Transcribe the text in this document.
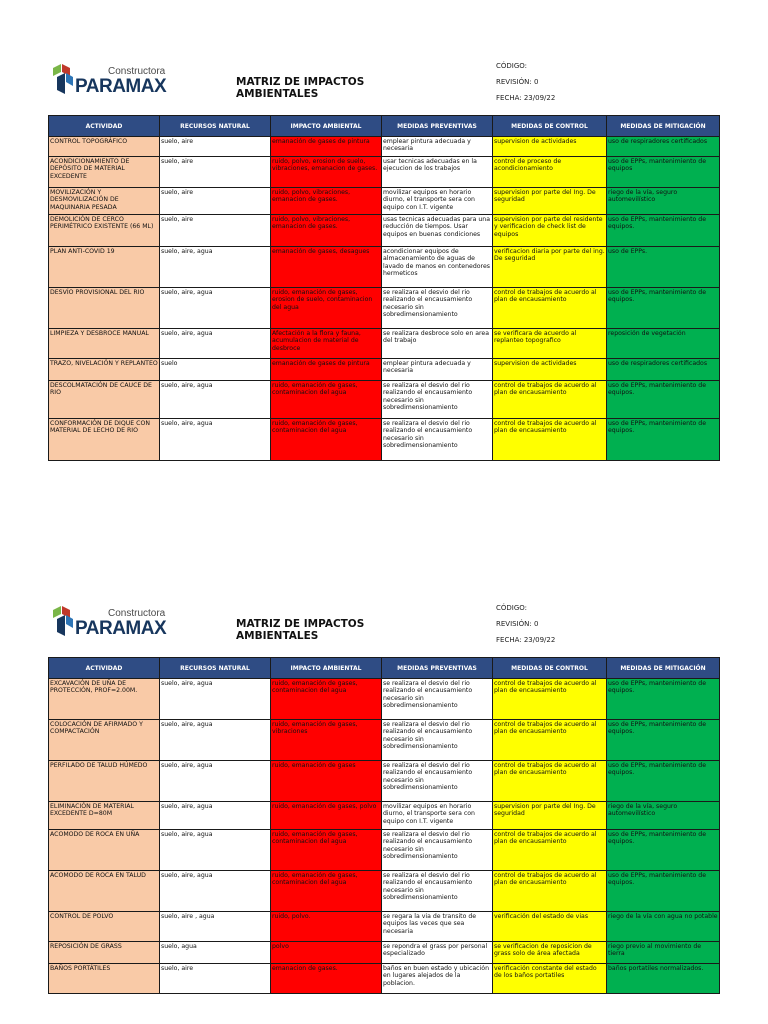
Constructora
PARAMAX	MATRIZ DE IMPACTOS AMBIENTALES
CÓDIGO:
REVISIÓN: 0
FECHA: 23/09/22
ACTIVIDAD	RECURSOS NATURAL	IMPACTO AMBIENTAL	MEDIDAS PREVENTIVAS	MEDIDAS DE CONTROL	MEDIDAS DE MITIGACIÓN
CONTROL TOPOGRÁFICO	suelo, aire	emanación de gases de pintura	emplear pintura adecuada y necesaria	supervision de actividades	uso de respiradores certificados
ACONDICIONAMIENTO DE DEPÓSITO DE MATERIAL EXCEDENTE	suelo, aire	ruido, polvo, erosion de suelo, vibraciones, emanacion de gases.	usar tecnicas adecuadas en la ejecucion de los trabajos	control de proceso de acondicionamiento	uso de EPPs, mantenimiento de equipos
MOVILIZACIÓN Y DESMOVILIZACIÓN DE MAQUINARIA PESADA	suelo, aire	ruido, polvo, vibraciones, emanacion de gases.	movilizar equipos en horario diurno, el transporte sera con equipo con I.T. vigente	supervision por parte del Ing. De seguridad	riego de la vía, seguro automevilístico
DEMOLICIÓN DE CERCO PERIMÉTRICO EXISTENTE (66 ML)	suelo, aire	ruido, polvo, vibraciones, emanacion de gases.	usas tecnicas adecuadas para una reducción de tiempos. Usar equipos en buenas condiciones	supervision por parte del residente y verificacion de check list de equipos	uso de EPPs, mantenimiento de equipos.
PLAN ANTI-COVID 19	suelo, aire, agua	emanación de gases, desagues	acondicionar equipos de almacenamiento de aguas de lavado de manos en contenedores hermeticos	verificacion diaria por parte del ing. De seguridad	uso de EPPs.
DESVÍO PROVISIONAL DEL RIO	suelo, aire, agua	ruido, emanación de gases, erosion de suelo, contaminacion del agua	se realizara el desvio del rio realizando el encausamiento necesario sin sobredimensionamiento	control de trabajos de acuerdo al plan de encausamiento	uso de EPPs, mantenimiento de equipos.
LIMPIEZA Y DESBROCE MANUAL	suelo, aire, agua	Afectación a la flora y fauna, acumulacion de material de desbroce	se realizara desbroce solo en area del trabajo	se verificara de acuerdo al replanteo topografico	reposición de vegetación
TRAZO, NIVELACIÓN Y REPLANTEO	suelo	emanación de gases de pintura	emplear pintura adecuada y necesaria	supervision de actividades	uso de respiradores certificados
DESCOLMATACIÓN DE CAUCE DE RIO	suelo, aire, agua	ruido, emanación de gases, contaminacion del agua	se realizara el desvio del rio realizando el encausamiento necesario sin sobredimensionamiento	control de trabajos de acuerdo al plan de encausamiento	uso de EPPs, mantenimiento de equipos.
CONFORMACIÓN DE DIQUE CON MATERIAL DE LECHO DE RIO	suelo, aire, agua	ruido, emanación de gases, contaminacion del agua	se realizara el desvio del rio realizando el encausamiento necesario sin sobredimensionamiento	control de trabajos de acuerdo al plan de encausamiento	uso de EPPs, mantenimiento de equipos.
Constructora
PARAMAX	MATRIZ DE IMPACTOS AMBIENTALES
CÓDIGO:
REVISIÓN: 0
FECHA: 23/09/22
ACTIVIDAD	RECURSOS NATURAL	IMPACTO AMBIENTAL	MEDIDAS PREVENTIVAS	MEDIDAS DE CONTROL	MEDIDAS DE MITIGACIÓN
EXCAVACIÓN DE UÑA DE PROTECCIÓN, PROF=2.00M.	suelo, aire, agua	ruido, emanación de gases, contaminacion del agua	se realizara el desvio del rio realizando el encausamiento necesario sin sobredimensionamiento	control de trabajos de acuerdo al plan de encausamiento	uso de EPPs, mantenimiento de equipos.
COLOCACIÓN DE AFIRMADO Y COMPACTACIÓN	suelo, aire, agua	ruido, emanación de gases, vibraciones	se realizara el desvio del rio realizando el encausamiento necesario sin sobredimensionamiento	control de trabajos de acuerdo al plan de encausamiento	uso de EPPs, mantenimiento de equipos.
PERFILADO DE TALUD HÚMEDO	suelo, aire, agua	ruido, emanación de gases	se realizara el desvio del rio realizando el encausamiento necesario sin sobredimensionamiento	control de trabajos de acuerdo al plan de encausamiento	uso de EPPs, mantenimiento de equipos.
ELIMINACIÓN DE MATERIAL EXCEDENTE D=80M	suelo, aire, agua	ruido, emanación de gases, polvo	movilizar equipos en horario diurno, el transporte sera con equipo con I.T. vigente	supervision por parte del Ing. De seguridad	riego de la vía, seguro automevilístico
ACOMODO DE ROCA EN UÑA	suelo, aire, agua	ruido, emanación de gases, contaminacion del agua	se realizara el desvio del rio realizando el encausamiento necesario sin sobredimensionamiento	control de trabajos de acuerdo al plan de encausamiento	uso de EPPs, mantenimiento de equipos.
ACOMODO DE ROCA EN TALUD	suelo, aire, agua	ruido, emanación de gases, contaminacion del agua	se realizara el desvio del rio realizando el encausamiento necesario sin sobredimensionamiento	control de trabajos de acuerdo al plan de encausamiento	uso de EPPs, mantenimiento de equipos.
CONTROL DE POLVO	suelo, aire , agua	ruido, polvo.	se regara la via de transito de equipos las veces que sea necesaria	verificación del estado de vias	riego de la vía con agua no potable
REPOSICIÓN DE GRASS	suelo, agua	polvo	se repondra el grass por personal especializado	se verificacion de reposicion de grass solo de área afectada	riego previo al movimiento de tierra
BAÑOS PORTÁTILES	suelo, aire	emanacion de gases.	baños en buen estado y ubicación en lugares alejados de la poblacion.	verificación constante del estado de los baños portatiles	baños portatiles normalizados.
